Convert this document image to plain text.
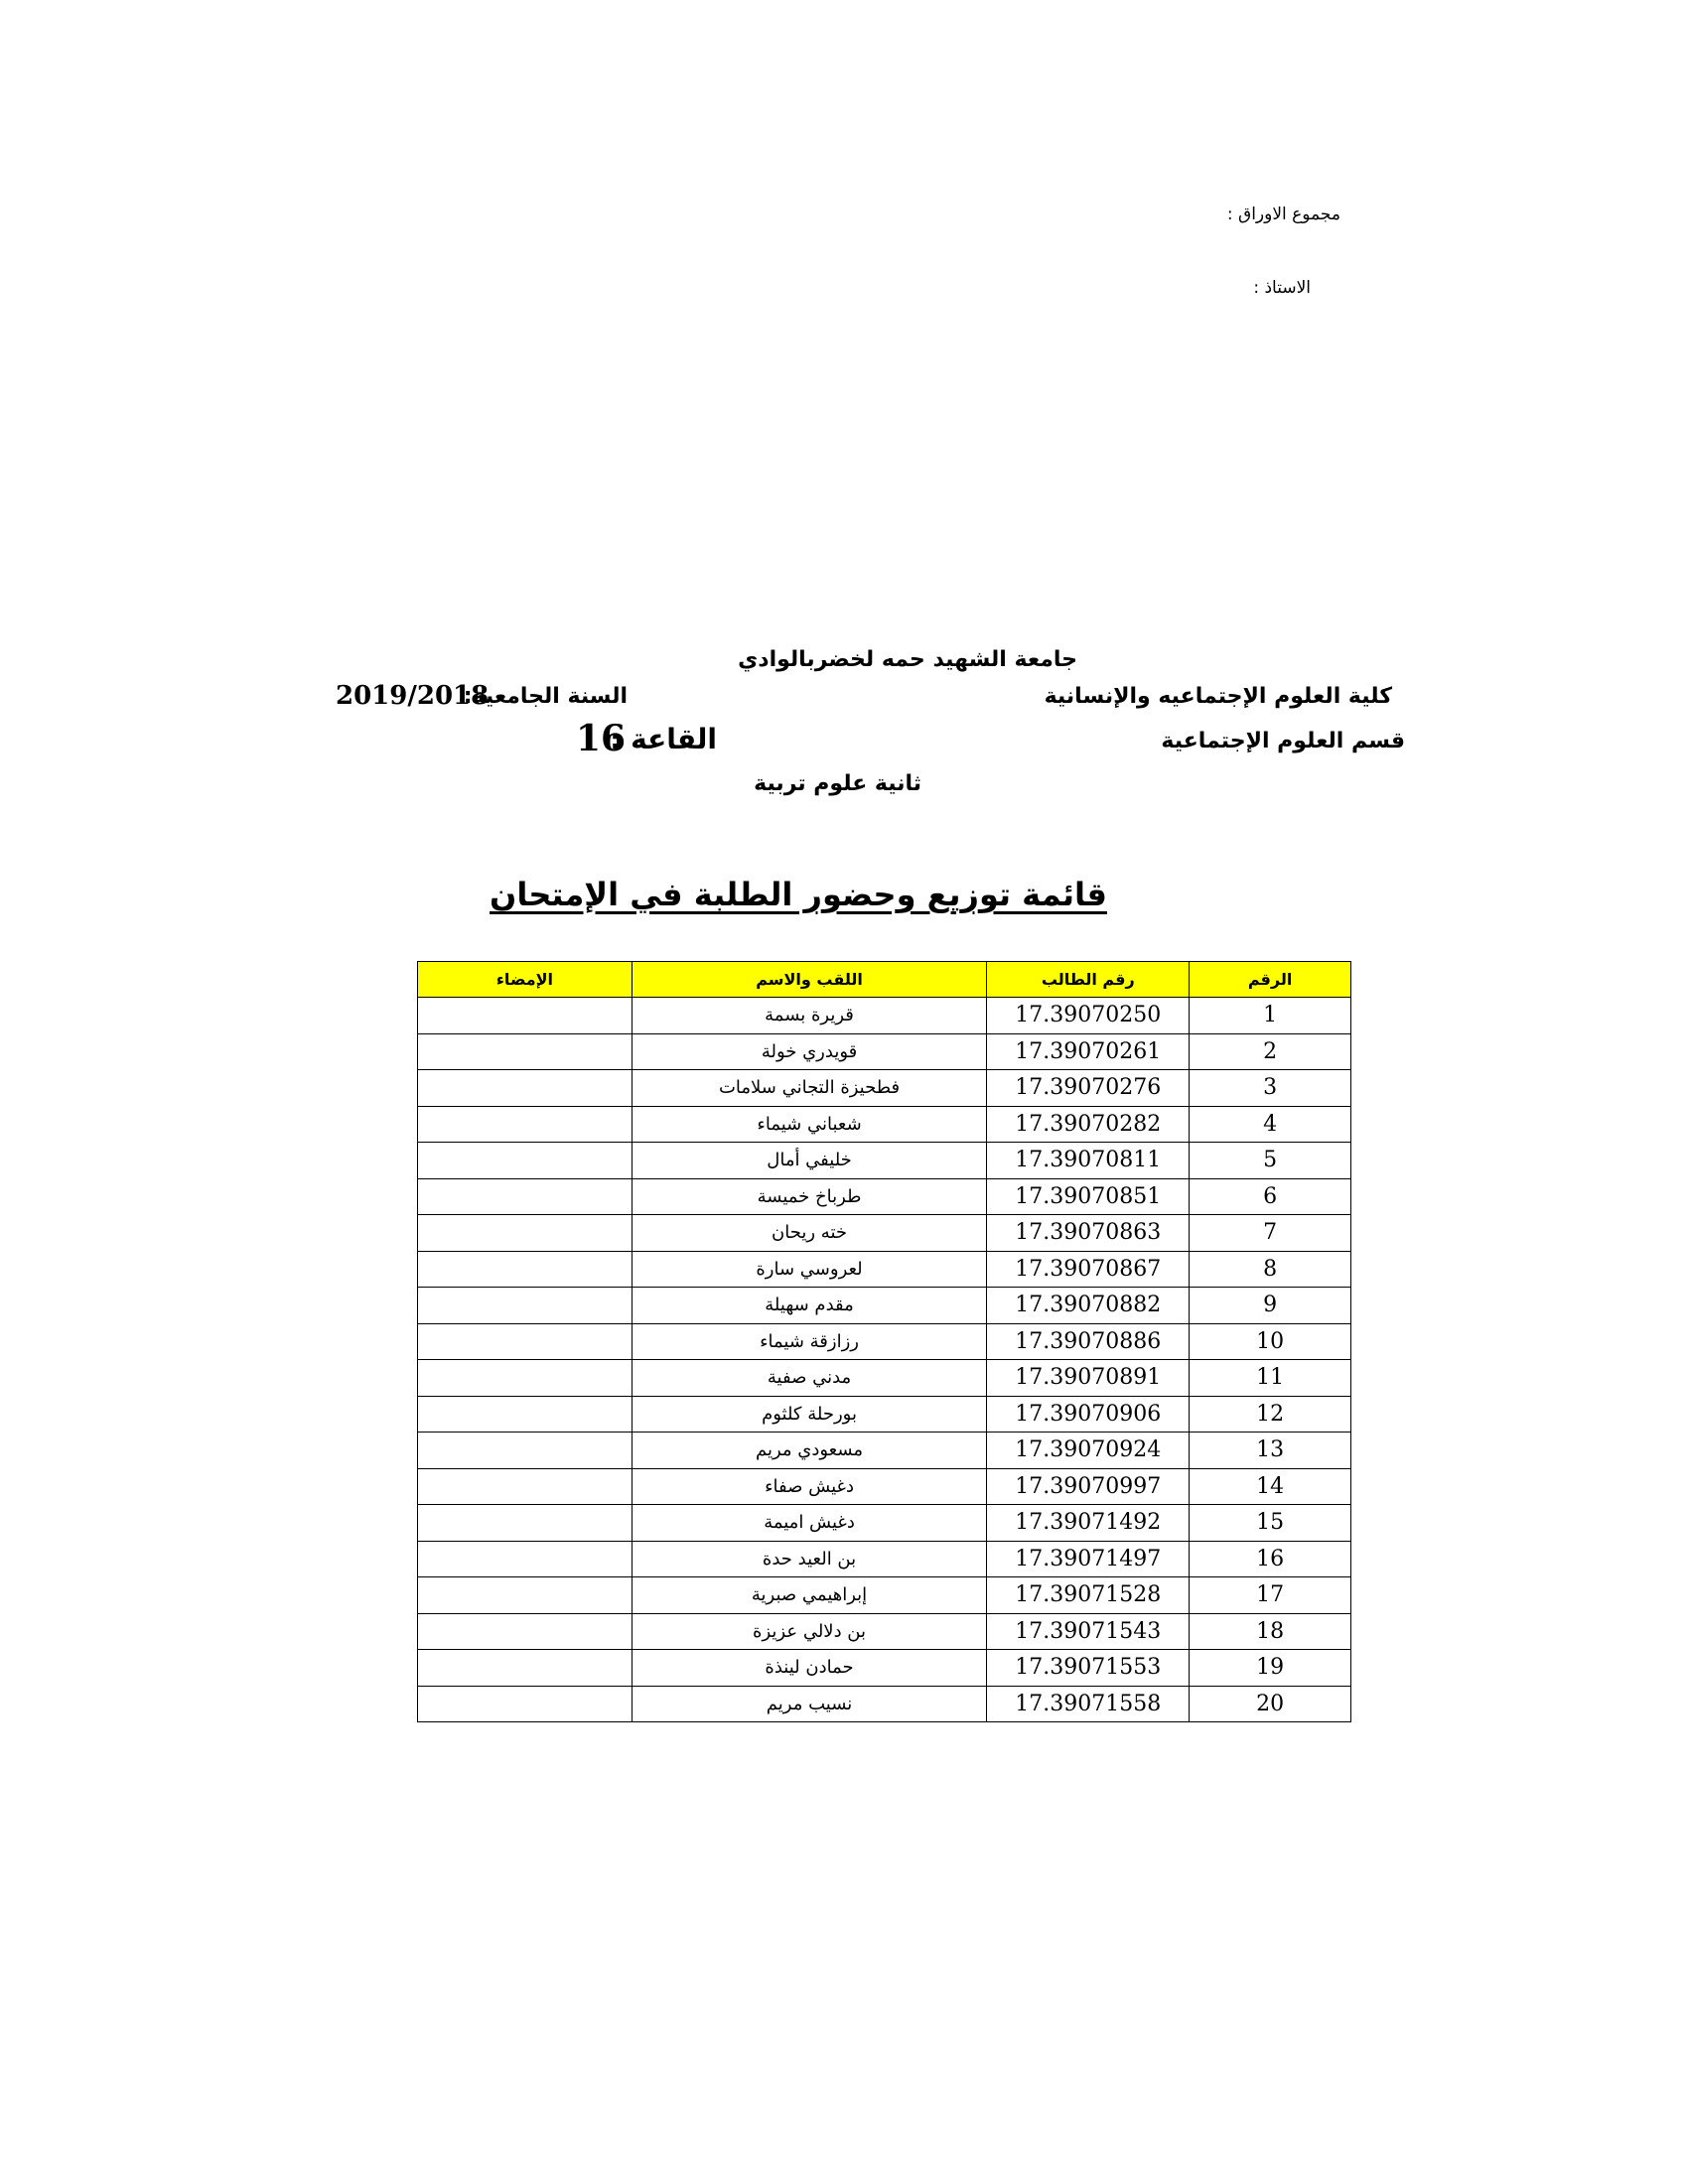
مجموع الاوراق :
الاستاذ :
جامعة الشهيد حمه لخضربالوادي
كلية العلوم الإجتماعيه والإنسانية
السنة الجامعية:
2019/2018
قسم العلوم الإجتماعية
القاعة :
16
ثانية علوم تربية
قائمة توزيع وحضور الطلبة في الإمتحان
الرقم	رقم الطالب	اللقب والاسم	الإمضاء
1	17.39070250	قريرة بسمة	
2	17.39070261	قويدري خولة	
3	17.39070276	فطحيزة التجاني سلامات	
4	17.39070282	شعباني شيماء	
5	17.39070811	خليفي أمال	
6	17.39070851	طرباخ خميسة	
7	17.39070863	خته ريحان	
8	17.39070867	لعروسي سارة	
9	17.39070882	مقدم سهيلة	
10	17.39070886	رزازقة شيماء	
11	17.39070891	مدني صفية	
12	17.39070906	بورحلة كلثوم	
13	17.39070924	مسعودي مريم	
14	17.39070997	دغيش صفاء	
15	17.39071492	دغيش اميمة	
16	17.39071497	بن العيد حدة	
17	17.39071528	إبراهيمي صبرية	
18	17.39071543	بن دلالي عزيزة	
19	17.39071553	حمادن لينذة	
20	17.39071558	نسيب مريم	
